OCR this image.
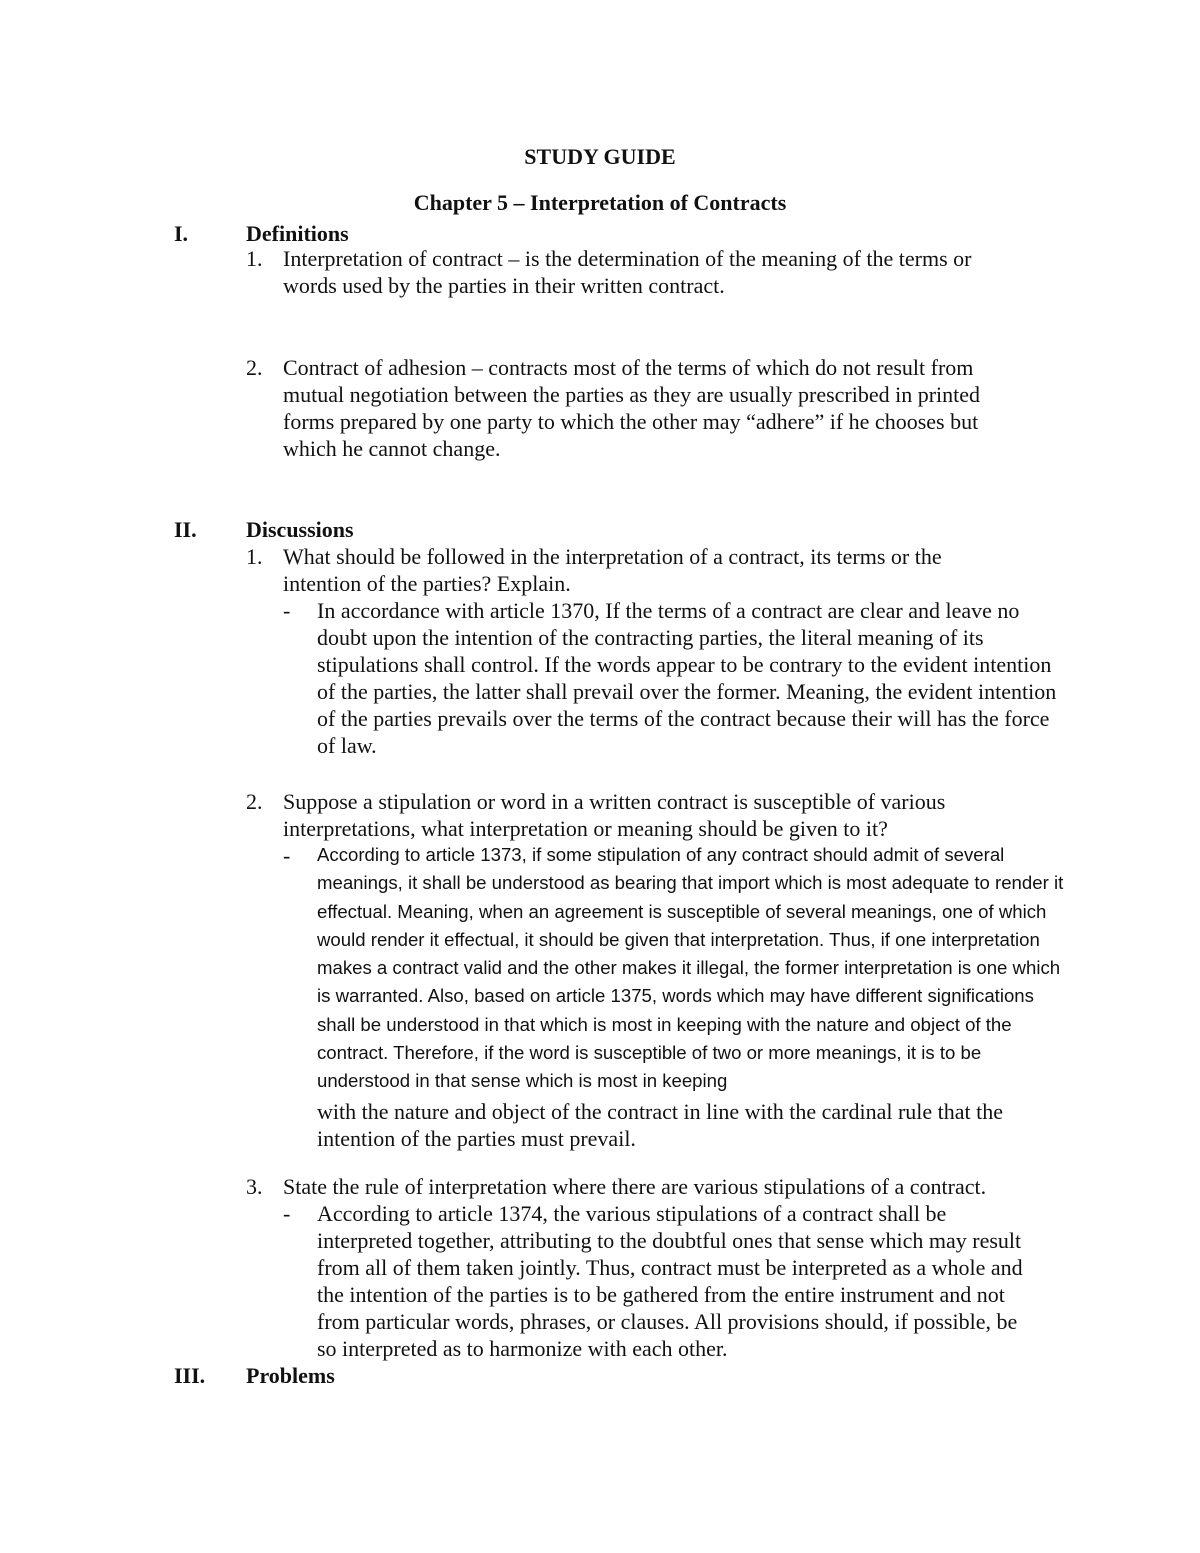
STUDY GUIDE
Chapter 5 – Interpretation of Contracts
I.	Definitions
1. Interpretation of contract – is the determination of the meaning of the terms or words used by the parties in their written contract.
2. Contract of adhesion – contracts most of the terms of which do not result from mutual negotiation between the parties as they are usually prescribed in printed forms prepared by one party to which the other may “adhere” if he chooses but which he cannot change.
II. Discussions
1. What should be followed in the interpretation of a contract, its terms or the intention of the parties? Explain.
- In accordance with article 1370, If the terms of a contract are clear and leave no doubt upon the intention of the contracting parties, the literal meaning of its stipulations shall control. If the words appear to be contrary to the evident intention of the parties, the latter shall prevail over the former. Meaning, the evident intention of the parties prevails over the terms of the contract because their will has the force of law.
2. Suppose a stipulation or word in a written contract is susceptible of various interpretations, what interpretation or meaning should be given to it?
- According to article 1373, if some stipulation of any contract should admit of several meanings, it shall be understood as bearing that import which is most adequate to render it effectual. Meaning, when an agreement is susceptible of several meanings, one of which would render it effectual, it should be given that interpretation. Thus, if one interpretation makes a contract valid and the other makes it illegal, the former interpretation is one which is warranted. Also, based on article 1375, words which may have different significations shall be understood in that which is most in keeping with the nature and object of the contract. Therefore, if the word is susceptible of two or more meanings, it is to be understood in that sense which is most in keeping
with the nature and object of the contract in line with the cardinal rule that the intention of the parties must prevail.
3. State the rule of interpretation where there are various stipulations of a contract.
- According to article 1374, the various stipulations of a contract shall be interpreted together, attributing to the doubtful ones that sense which may result from all of them taken jointly. Thus, contract must be interpreted as a whole and the intention of the parties is to be gathered from the entire instrument and not from particular words, phrases, or clauses. All provisions should, if possible, be so interpreted as to harmonize with each other.
III. Problems
